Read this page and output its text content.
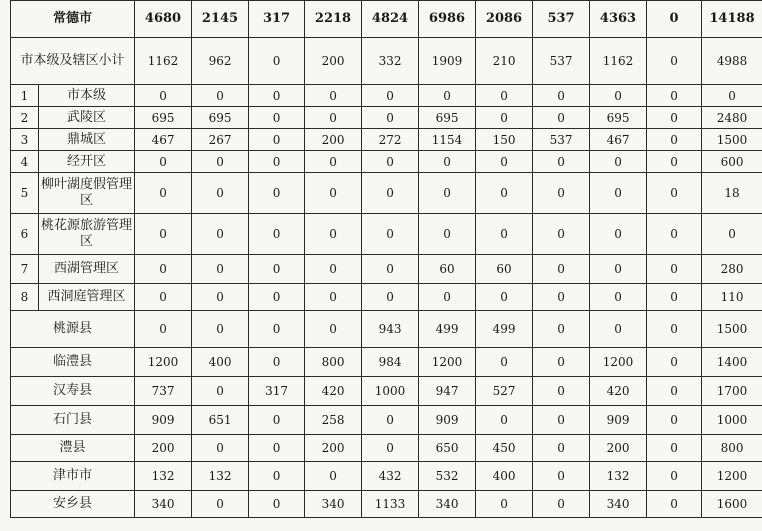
常德市		4680	2145	317	2218	4824	6986	2086	537	4363	0	14188
市本级及辖区小计		1162	962	0	200	332	1909	210	537	1162	0	4988
1	市本级	0	0	0	0	0	0	0	0	0	0	0
2	武陵区	695	695	0	0	0	695	0	0	695	0	2480
3	鼎城区	467	267	0	200	272	1154	150	537	467	0	1500
4	经开区	0	0	0	0	0	0	0	0	0	0	600
5	柳叶湖度假管理区	0	0	0	0	0	0	0	0	0	0	18
6	桃花源旅游管理区	0	0	0	0	0	0	0	0	0	0	0
7	西湖管理区	0	0	0	0	0	60	60	0	0	0	280
8	西洞庭管理区	0	0	0	0	0	0	0	0	0	0	110
桃源县		0	0	0	0	943	499	499	0	0	0	1500
临澧县		1200	400	0	800	984	1200	0	0	1200	0	1400
汉寿县		737	0	317	420	1000	947	527	0	420	0	1700
石门县		909	651	0	258	0	909	0	0	909	0	1000
澧县		200	0	0	200	0	650	450	0	200	0	800
津市市		132	132	0	0	432	532	400	0	132	0	1200
安乡县		340	0	0	340	1133	340	0	0	340	0	1600
